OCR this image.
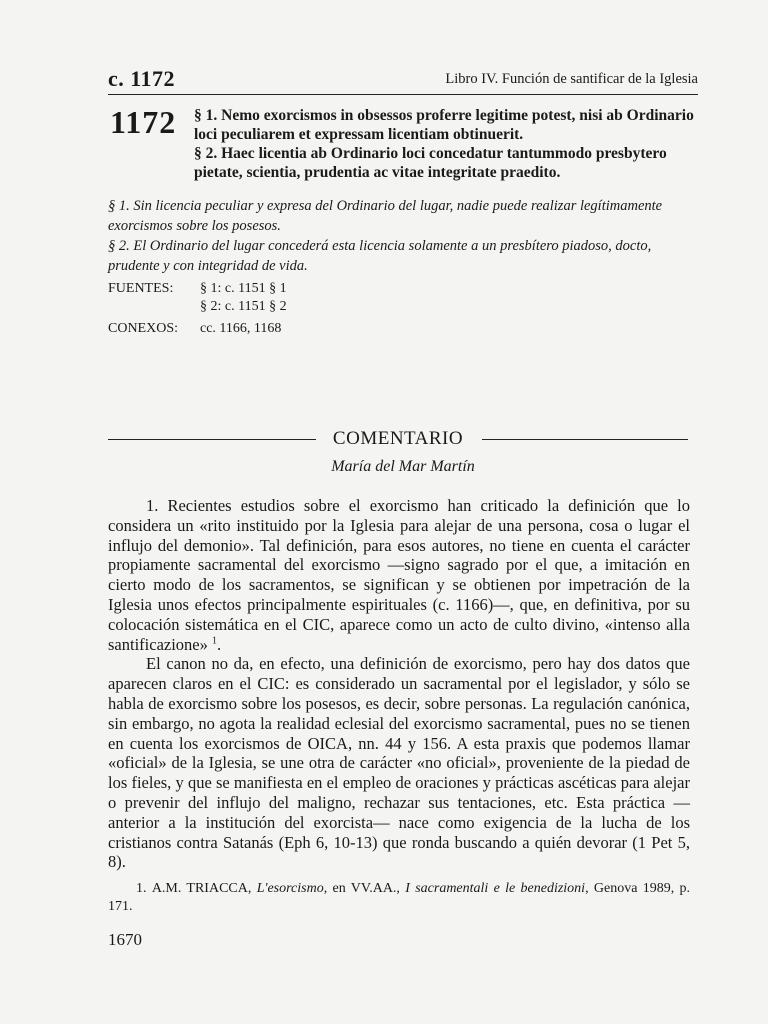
c. 1172	Libro IV. Función de santificar de la Iglesia
1172 § 1. Nemo exorcismos in obsessos proferre legitime potest, nisi ab Ordinario loci peculiarem et expressam licentiam obtinuerit.

§ 2. Haec licentia ab Ordinario loci concedatur tantummodo presbytero pietate, scientia, prudentia ac vitae integritate praedito.

§ 1. Sin licencia peculiar y expresa del Ordinario del lugar, nadie puede realizar legítimamente exorcismos sobre los posesos.

§ 2. El Ordinario del lugar concederá esta licencia solamente a un presbítero piadoso, docto, prudente y con integridad de vida.

FUENTES:	§ 1: c. 1151 § 1
§ 2: c. 1151 § 2
CONEXOS:	cc. 1166, 1168
COMENTARIO
María del Mar Martín

1. Recientes estudios sobre el exorcismo han criticado la definición que lo considera un «rito instituido por la Iglesia para alejar de una persona, cosa o lugar el influjo del demonio». Tal definición, para esos autores, no tiene en cuenta el carácter propiamente sacramental del exorcismo —signo sagrado por el que, a imitación en cierto modo de los sacramentos, se significan y se obtienen por impetración de la Iglesia unos efectos principalmente espirituales (c. 1166)—, que, en definitiva, por su colocación sistemática en el CIC, aparece como un acto de culto divino, «intenso alla santificazione» $^1$.

El canon no da, en efecto, una definición de exorcismo, pero hay dos datos que aparecen claros en el CIC: es considerado un sacramental por el legislador, y sólo se habla de exorcismo sobre los posesos, es decir, sobre personas. La regulación canónica, sin embargo, no agota la realidad eclesial del exorcismo sacramental, pues no se tienen en cuenta los exorcismos de OICA, nn. 44 y 156. A esta praxis que podemos llamar «oficial» de la Iglesia, se une otra de carácter «no oficial», proveniente de la piedad de los fieles, y que se manifiesta en el empleo de oraciones y prácticas ascéticas para alejar o prevenir del influjo del maligno, rechazar sus tentaciones, etc. Esta práctica —anterior a la institución del exorcista— nace como exigencia de la lucha de los cristianos contra Satanás (Eph 6, 10-13) que ronda buscando a quién devorar (1 Pet 5, 8).

1. A.M. TRIACCA, L'esorcismo, en VV.AA., I sacramentali e le benedizioni, Genova 1989, p. 171.

1670
